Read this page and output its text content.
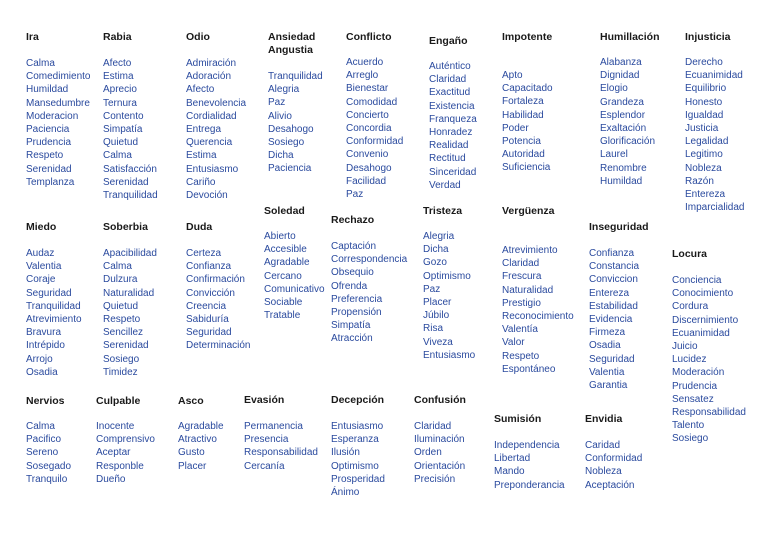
Ira
Calma
Comedimiento
Humildad
Mansedumbre
Moderacion
Paciencia
Prudencia
Respeto
Serenidad
Templanza
Rabia
Afecto
Estima
Aprecio
Ternura
Contento
Simpatía
Quietud
Calma
Satisfacción
Serenidad
Tranquilidad
Odio
Admiración
Adoración
Afecto
Benevolencia
Cordialidad
Entrega
Querencia
Estima
Entusiasmo
Cariño
Devoción
Ansiedad
Angustia
Tranquilidad
Alegria
Paz
Alivio
Desahogo
Sosiego
Dicha
Paciencia
Conflicto
Acuerdo
Arreglo
Bienestar
Comodidad
Concierto
Concordia
Conformidad
Convenio
Desahogo
Facilidad
Paz
Engaño
Auténtico
Claridad
Exactitud
Existencia
Franqueza
Honradez
Realidad
Rectitud
Sinceridad
Verdad
Impotente
Apto
Capacitado
Fortaleza
Habilidad
Poder
Potencia
Autoridad
Suficiencia
Humillación
Alabanza
Dignidad
Elogio
Grandeza
Esplendor
Exaltación
Glorificación
Laurel
Renombre
Humildad
Injusticia
Derecho
Ecuanimidad
Equilibrio
Honesto
Igualdad
Justicia
Legalidad
Legitimo
Nobleza
Razón
Entereza
Imparcialidad
Miedo
Audaz
Valentia
Coraje
Seguridad
Tranquilidad
Atrevimiento
Bravura
Intrépido
Arrojo
Osadia
Soberbia
Apacibilidad
Calma
Dulzura
Naturalidad
Quietud
Respeto
Sencillez
Serenidad
Sosiego
Timidez
Duda
Certeza
Confianza
Confirmación
Convicción
Creencia
Sabiduría
Seguridad
Determinación
Soledad
Abierto
Accesible
Agradable
Cercano
Comunicativo
Sociable
Tratable
Rechazo
Captación
Correspondencia
Obsequio
Ofrenda
Preferencia
Propensión
Simpatía
Atracción
Tristeza
Alegria
Dicha
Gozo
Optimismo
Paz
Placer
Júbilo
Risa
Viveza
Entusiasmo
Vergüenza
Atrevimiento
Claridad
Frescura
Naturalidad
Prestigio
Reconocimiento
Valentía
Valor
Respeto
Espontáneo
Inseguridad
Confianza
Constancia
Conviccion
Entereza
Estabilidad
Evidencia
Firmeza
Osadia
Seguridad
Valentia
Garantia
Locura
Conciencia
Conocimiento
Cordura
Discernimiento
Ecuanimidad
Juicio
Lucidez
Moderación
Prudencia
Sensatez
Responsabilidad
Talento
Sosiego
Nervios
Calma
Pacifico
Sereno
Sosegado
Tranquilo
Culpable
Inocente
Comprensivo
Aceptar
Responble
Dueño
Asco
Agradable
Atractivo
Gusto
Placer
Evasión
Permanencia
Presencia
Responsabilidad
Cercanía
Decepción
Entusiasmo
Esperanza
Ilusión
Optimismo
Prosperidad
Ánimo
Confusión
Claridad
Iluminación
Orden
Orientación
Precisión
Sumisión
Independencia
Libertad
Mando
Preponderancia
Envidia
Caridad
Conformidad
Nobleza
Aceptación
